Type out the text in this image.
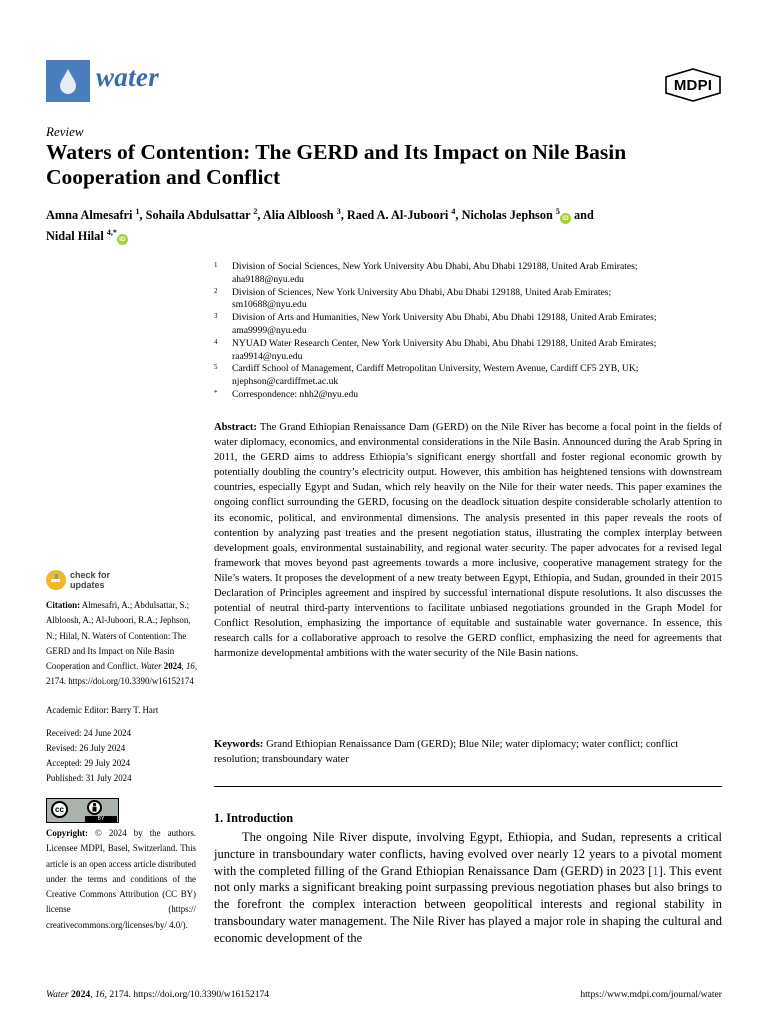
water	MDPI
Review
Waters of Contention: The GERD and Its Impact on Nile Basin Cooperation and Conflict
Amna Almesafri $^1$, Sohaila Abdulsattar $^2$, Alia Albloosh $^3$, Raed A. Al-Juboori $^4$, Nicholas Jephson $^5$iD and
Nidal Hilal $^{4,*}$iD
1 Division of Social Sciences, New York University Abu Dhabi, Abu Dhabi 129188, United Arab Emirates;
aha9188@nyu.edu
2 Division of Sciences, New York University Abu Dhabi, Abu Dhabi 129188, United Arab Emirates;
sm10688@nyu.edu
3 Division of Arts and Humanities, New York University Abu Dhabi, Abu Dhabi 129188, United Arab Emirates;
ama9999@nyu.edu
4 NYUAD Water Research Center, New York University Abu Dhabi, Abu Dhabi 129188, United Arab Emirates;
raa9914@nyu.edu
5 Cardiff School of Management, Cardiff Metropolitan University, Western Avenue, Cardiff CF5 2YB, UK;
njephson@cardiffmet.ac.uk
* Correspondence: nhh2@nyu.edu
Abstract: The Grand Ethiopian Renaissance Dam (GERD) on the Nile River has become a focal point in the fields of water diplomacy, economics, and environmental considerations in the Nile Basin. Announced during the Arab Spring in 2011, the GERD aims to address Ethiopia’s significant energy shortfall and foster regional economic growth by potentially doubling the country’s electricity output. However, this ambition has heightened tensions with downstream countries, especially Egypt and Sudan, which rely heavily on the Nile for their water needs. This paper examines the ongoing conflict surrounding the GERD, focusing on the deadlock situation despite considerable scholarly attention to its economic, political, and environmental dimensions. The analysis presented in this paper reveals the roots of contention by analyzing past treaties and the present negotiation status, illustrating the complex interplay between development goals, environmental sustainability, and regional water security. The paper advocates for a revised legal framework that moves beyond past agreements towards a more inclusive, cooperative management strategy for the Nile’s waters. It proposes the development of a new treaty between Egypt, Ethiopia, and Sudan, grounded in their 2015 Declaration of Principles agreement and inspired by successful international dispute resolutions. It also discusses the potential of neutral third-party interventions to facilitate unbiased negotiations grounded in the Graph Model for Conflict Resolution, emphasizing the importance of equitable and sustainable water governance. In essence, this research calls for a collaborative approach to resolve the GERD conflict, emphasizing the need for agreements that harmonize developmental ambitions with the water security of the Nile Basin nations.
Keywords: Grand Ethiopian Renaissance Dam (GERD); Blue Nile; water diplomacy; water conflict; conflict resolution; transboundary water
check for
updates
Citation: Almesafri, A.; Abdulsattar, S.; Albloosh, A.; Al-Juboori, R.A.; Jephson, N.; Hilal, N. Waters of Contention: The GERD and Its Impact on Nile Basin Cooperation and Conflict. Water 2024, 16, 2174. https://doi.org/10.3390/w16152174
Academic Editor: Barry T. Hart
Received: 24 June 2024
Revised: 26 July 2024
Accepted: 29 July 2024
Published: 31 July 2024
cc
BY
Copyright: © 2024 by the authors. Licensee MDPI, Basel, Switzerland. This article is an open access article distributed under the terms and conditions of the Creative Commons Attribution (CC BY) license (https:// creativecommons.org/licenses/by/ 4.0/).
1. Introduction

The ongoing Nile River dispute, involving Egypt, Ethiopia, and Sudan, represents a critical juncture in transboundary water conflicts, having evolved over nearly 12 years to a pivotal moment with the completed filling of the Grand Ethiopian Renaissance Dam (GERD) in 2023 [1]. This event not only marks a significant breaking point surpassing previous negotiation phases but also brings to the forefront the complex interaction between geopolitical interests and regional stability in transboundary water management. The Nile River has played a major role in shaping the cultural and economic development of the

Water 2024, 16, 2174. https://doi.org/10.3390/w16152174	https://www.mdpi.com/journal/water
